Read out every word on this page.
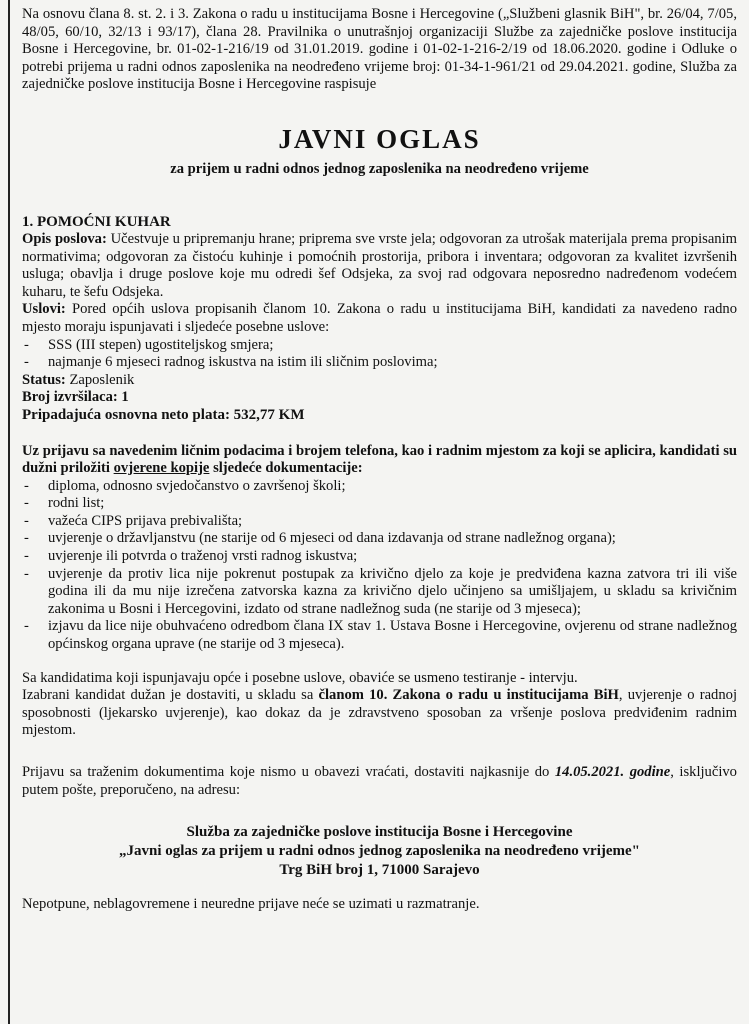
Na osnovu člana 8. st. 2. i 3. Zakona o radu u institucijama Bosne i Hercegovine („Službeni glasnik BiH", br. 26/04, 7/05, 48/05, 60/10, 32/13 i 93/17), člana 28. Pravilnika o unutrašnjoj organizaciji Službe za zajedničke poslove institucija Bosne i Hercegovine, br. 01-02-1-216/19 od 31.01.2019. godine i 01-02-1-216-2/19 od 18.06.2020. godine i Odluke o potrebi prijema u radni odnos zaposlenika na neodređeno vrijeme broj: 01-34-1-961/21 od 29.04.2021. godine, Služba za zajedničke poslove institucija Bosne i Hercegovine raspisuje

JAVNI OGLAS
za prijem u radni odnos jednog zaposlenika na neodređeno vrijeme
1. POMOĆNI KUHAR

Opis poslova: Učestvuje u pripremanju hrane; priprema sve vrste jela; odgovoran za utrošak materijala prema propisanim normativima; odgovoran za čistoću kuhinje i pomoćnih prostorija, pribora i inventara; odgovoran za kvalitet izvršenih usluga; obavlja i druge poslove koje mu odredi šef Odsjeka, za svoj rad odgovara neposredno nadređenom vodećem kuharu, te šefu Odsjeka.

Uslovi: Pored općih uslova propisanih članom 10. Zakona o radu u institucijama BiH, kandidati za navedeno radno mjesto moraju ispunjavati i sljedeće posebne uslove:

- SSS (III stepen) ugostiteljskog smjera;
- najmanje 6 mjeseci radnog iskustva na istim ili sličnim poslovima;

Status: Zaposlenik

Broj izvršilaca: 1

Pripadajuća osnovna neto plata: 532,77 KM

Uz prijavu sa navedenim ličnim podacima i brojem telefona, kao i radnim mjestom za koji se aplicira, kandidati su dužni priložiti ovjerene kopije sljedeće dokumentacije:

- diploma, odnosno svjedočanstvo o završenoj školi;
- rodni list;
- važeća CIPS prijava prebivališta;
- uvjerenje o državljanstvu (ne starije od 6 mjeseci od dana izdavanja od strane nadležnog organa);
- uvjerenje ili potvrda o traženoj vrsti radnog iskustva;
- uvjerenje da protiv lica nije pokrenut postupak za krivično djelo za koje je predviđena kazna zatvora tri ili više godina ili da mu nije izrečena zatvorska kazna za krivično djelo učinjeno sa umišljajem, u skladu sa krivičnim zakonima u Bosni i Hercegovini, izdato od strane nadležnog suda (ne starije od 3 mjeseca);
- izjavu da lice nije obuhvaćeno odredbom člana IX stav 1. Ustava Bosne i Hercegovine, ovjerenu od strane nadležnog općinskog organa uprave (ne starije od 3 mjeseca).

Sa kandidatima koji ispunjavaju opće i posebne uslove, obaviće se usmeno testiranje - intervju.

Izabrani kandidat dužan je dostaviti, u skladu sa članom 10. Zakona o radu u institucijama BiH, uvjerenje o radnoj sposobnosti (ljekarsko uvjerenje), kao dokaz da je zdravstveno sposoban za vršenje poslova predviđenim radnim mjestom.

Prijavu sa traženim dokumentima koje nismo u obavezi vraćati, dostaviti najkasnije do 14.05.2021. godine, isključivo putem pošte, preporučeno, na adresu:

Služba za zajedničke poslove institucija Bosne i Hercegovine

„Javni oglas za prijem u radni odnos jednog zaposlenika na neodređeno vrijeme"

Trg BiH broj 1, 71000 Sarajevo

Nepotpune, neblagovremene i neuredne prijave neće se uzimati u razmatranje.
